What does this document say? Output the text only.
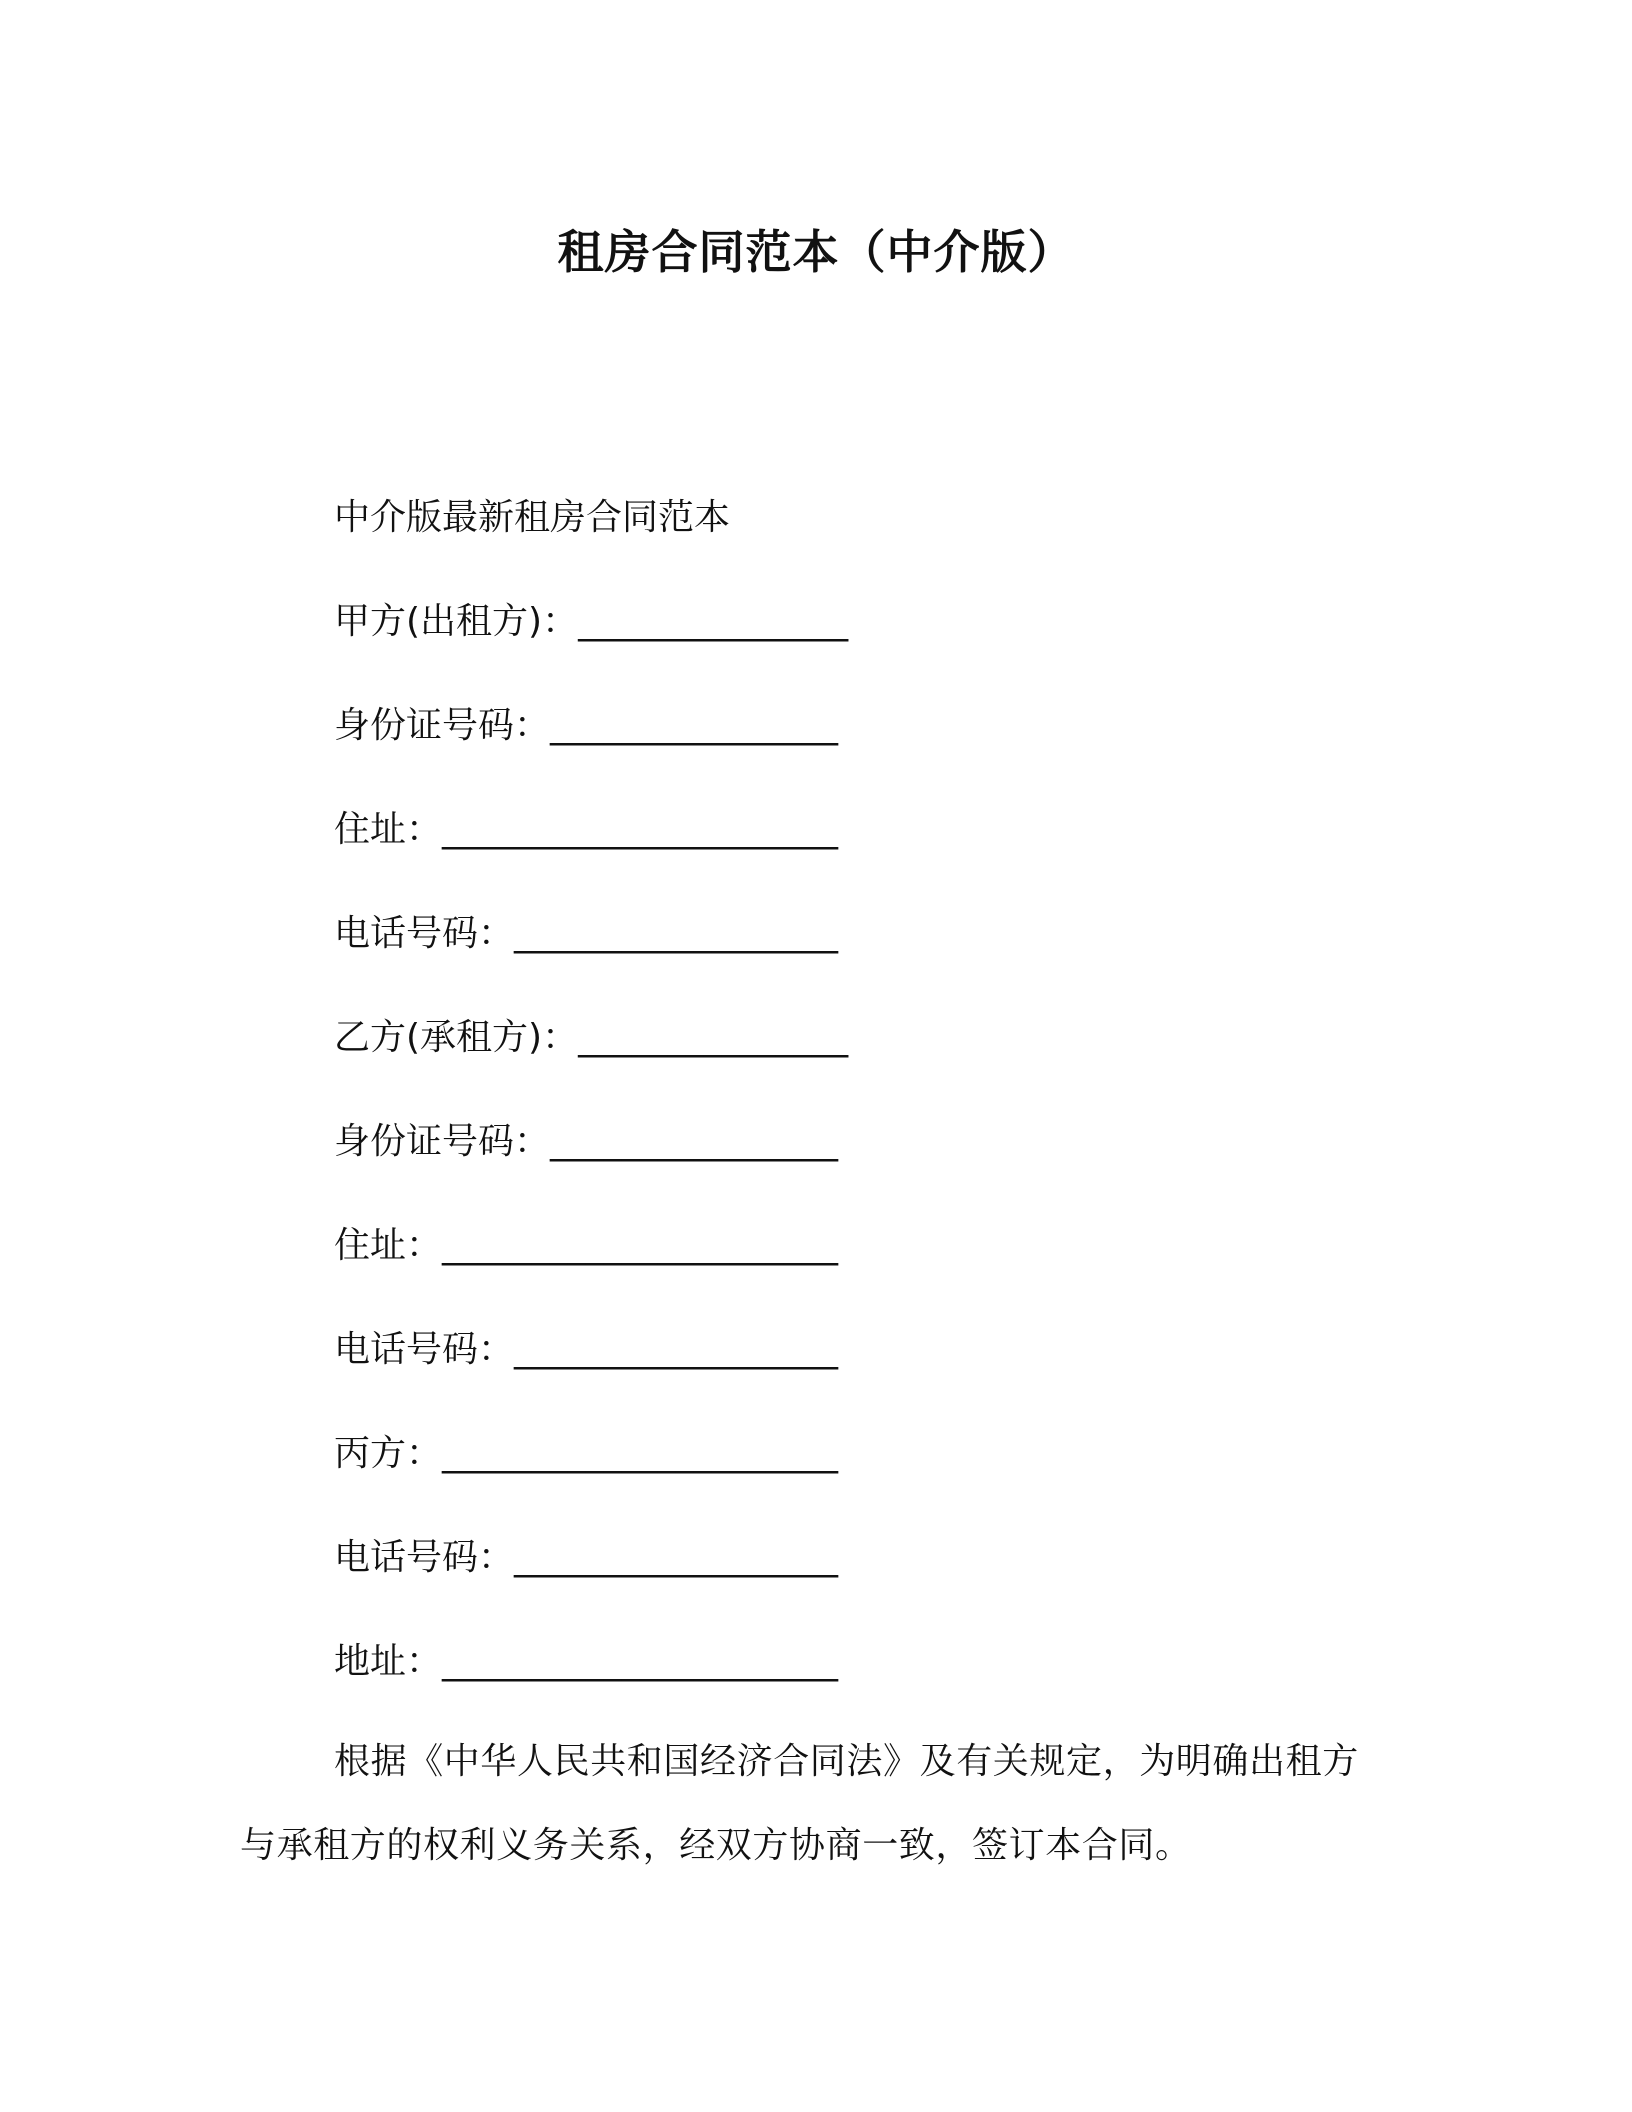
租房合同范本（中介版）
中介版最新租房合同范本
甲方(出租方)：_______________
身份证号码：________________
住址：______________________
电话号码：__________________
乙方(承租方)：_______________
身份证号码：________________
住址：______________________
电话号码：__________________
丙方：______________________
电话号码：__________________
地址：______________________
根据《中华人民共和国经济合同法》及有关规定，为明确出租方与承租方的权利义务关系，经双方协商一致，签订本合同。
